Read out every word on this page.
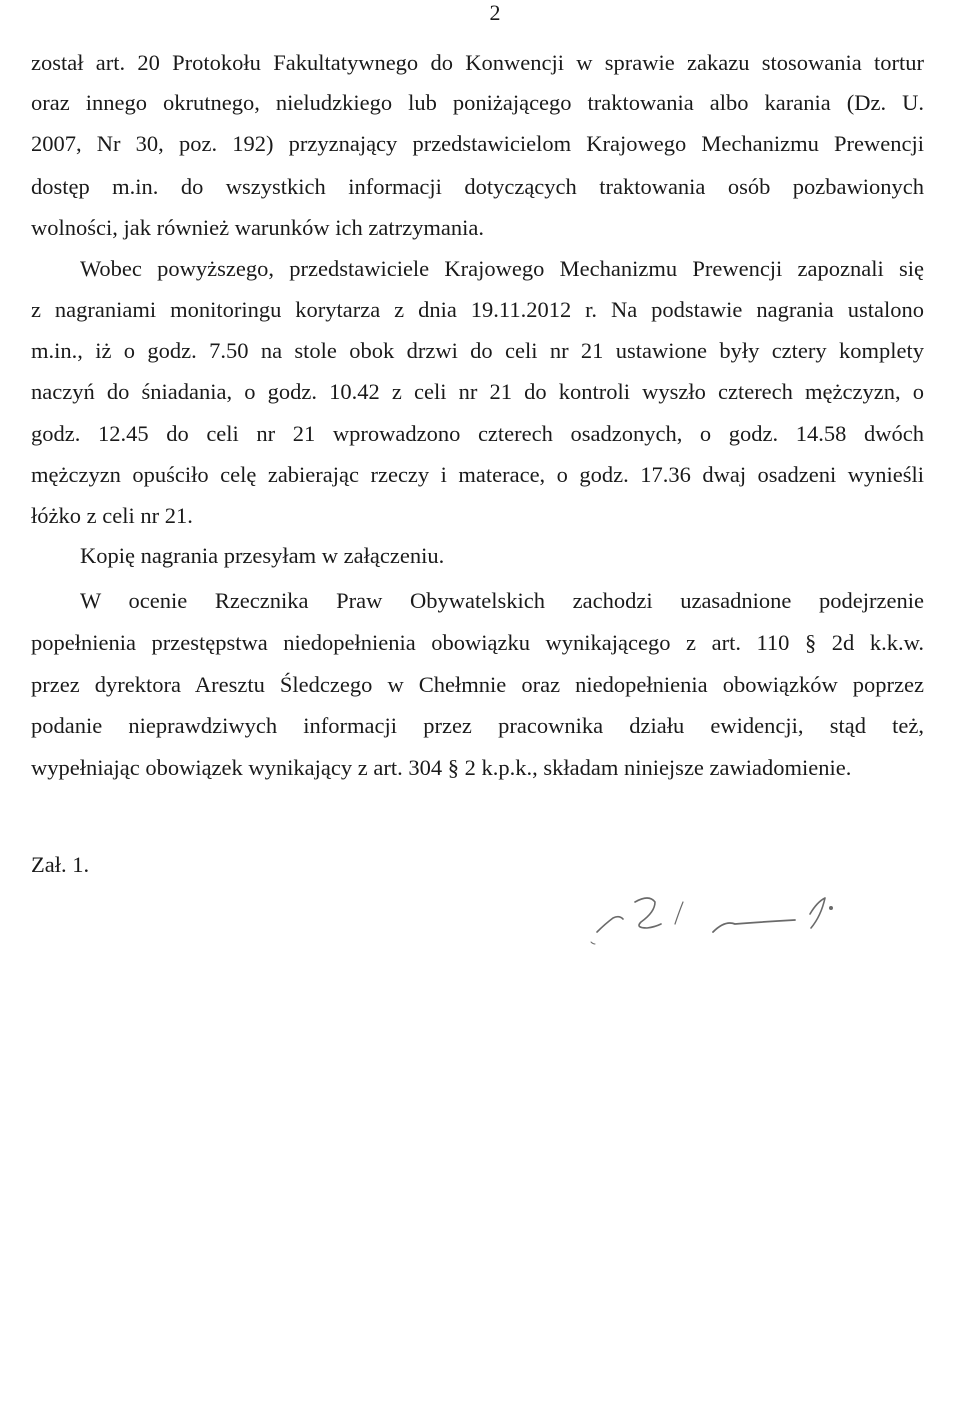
2
został art. 20 Protokołu Fakultatywnego do Konwencji w sprawie zakazu stosowania tortur
oraz innego okrutnego, nieludzkiego lub poniżającego traktowania albo karania (Dz. U.
2007, Nr 30, poz. 192) przyznający przedstawicielom Krajowego Mechanizmu Prewencji
dostęp m.in. do wszystkich informacji dotyczących traktowania osób pozbawionych
wolności, jak również warunków ich zatrzymania.
Wobec powyższego, przedstawiciele Krajowego Mechanizmu Prewencji zapoznali się
z nagraniami monitoringu korytarza z dnia 19.11.2012 r. Na podstawie nagrania ustalono
m.in., iż o godz. 7.50 na stole obok drzwi do celi nr 21 ustawione były cztery komplety
naczyń do śniadania, o godz. 10.42 z celi nr 21 do kontroli wyszło czterech mężczyzn, o
godz. 12.45 do celi nr 21 wprowadzono czterech osadzonych, o godz. 14.58 dwóch
mężczyzn opuściło celę zabierając rzeczy i materace, o godz. 17.36 dwaj osadzeni wynieśli
łóżko z celi nr 21.
Kopię nagrania przesyłam w załączeniu.
W ocenie Rzecznika Praw Obywatelskich zachodzi uzasadnione podejrzenie
popełnienia przestępstwa niedopełnienia obowiązku wynikającego z art. 110 § 2d k.k.w.
przez dyrektora Aresztu Śledczego w Chełmnie oraz niedopełnienia obowiązków poprzez
podanie nieprawdziwych informacji przez pracownika działu ewidencji, stąd też,
wypełniając obowiązek wynikający z art. 304 § 2 k.p.k., składam niniejsze zawiadomienie.
Zał. 1.
